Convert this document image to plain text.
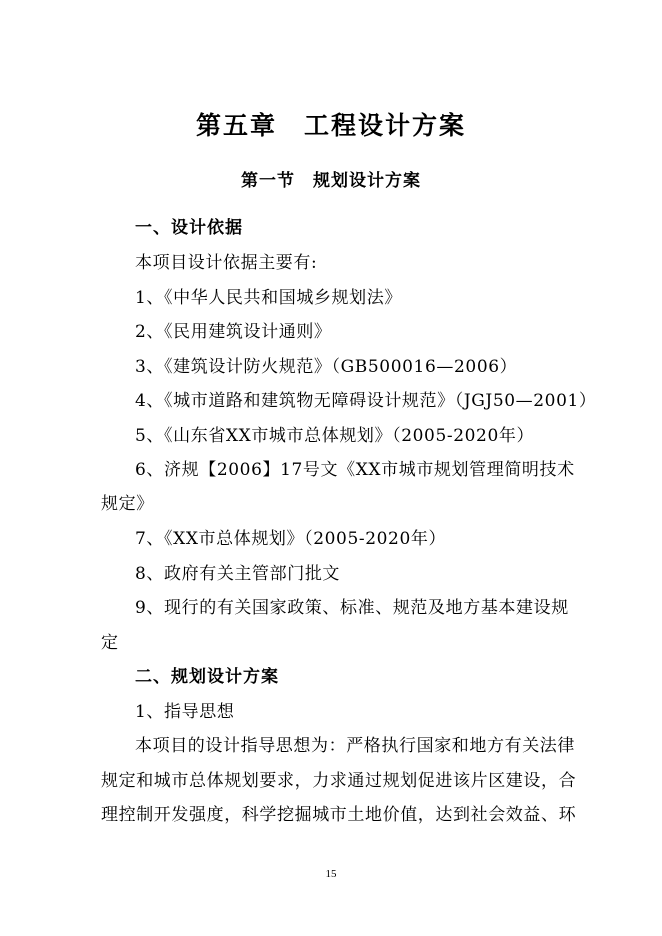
第五章　工程设计方案
第一节　规划设计方案
一、设计依据
本项目设计依据主要有:
1、《中华人民共和国城乡规划法》
2、《民用建筑设计通则》
3、《建筑设计防火规范》（GB500016—2006）
4、《城市道路和建筑物无障碍设计规范》（JGJ50—2001）
5、《山东省XX市城市总体规划》（2005-2020年）
6、济规【2006】17号文《XX市城市规划管理简明技术
规定》
7、《XX市总体规划》（2005-2020年）
8、政府有关主管部门批文
9、现行的有关国家政策、标准、规范及地方基本建设规
定
二、规划设计方案
1、指导思想
本项目的设计指导思想为：严格执行国家和地方有关法律
规定和城市总体规划要求，力求通过规划促进该片区建设，合
理控制开发强度，科学挖掘城市土地价值，达到社会效益、环
15
